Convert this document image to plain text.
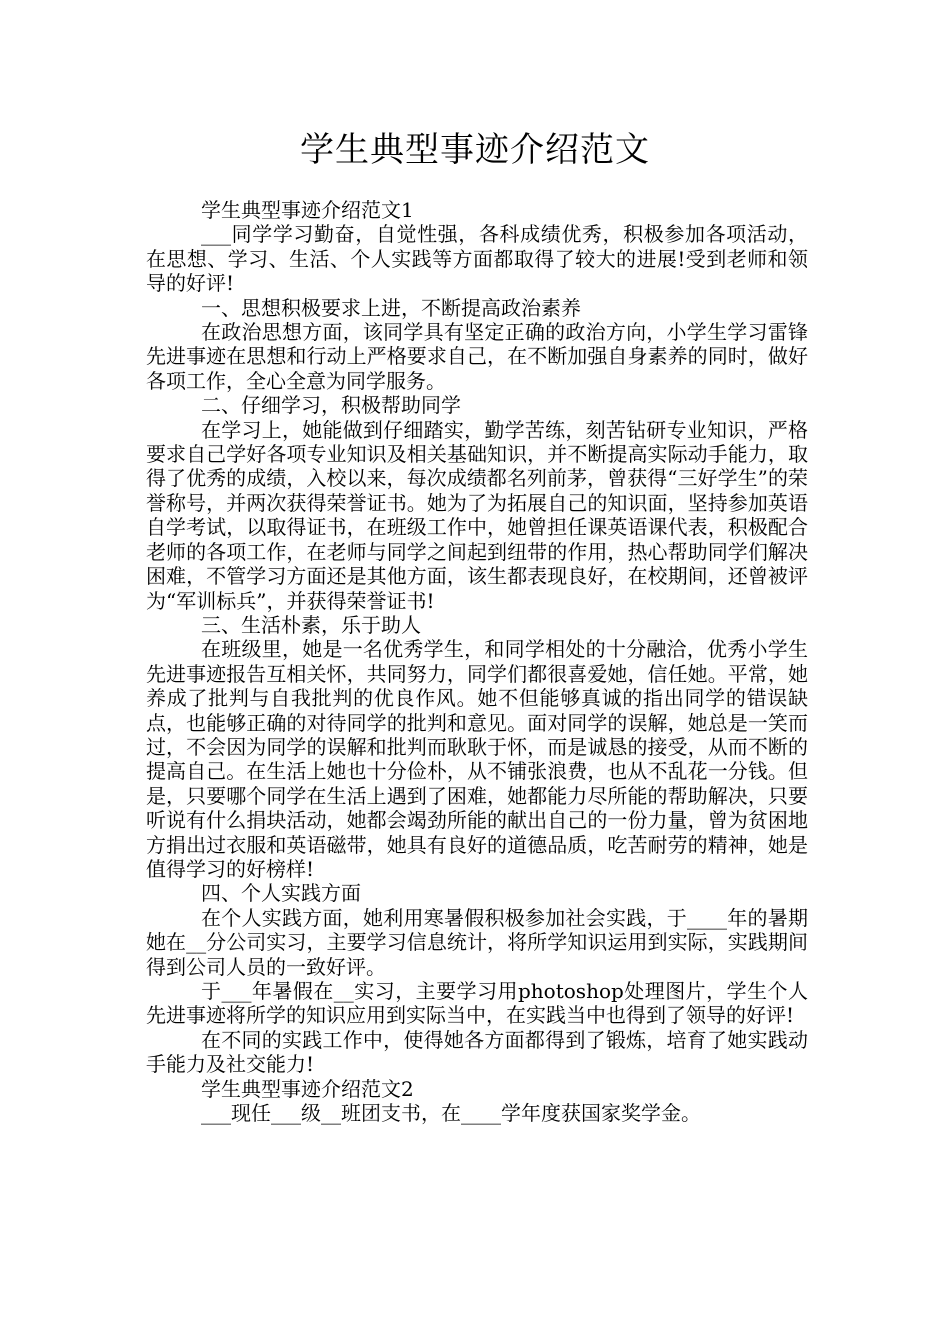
学生典型事迹介绍范文

学生典型事迹介绍范文1

___同学学习勤奋，自觉性强，各科成绩优秀，积极参加各项活动，在思想、学习、生活、个人实践等方面都取得了较大的进展!受到老师和领导的好评!

一、思想积极要求上进，不断提高政治素养

在政治思想方面，该同学具有坚定正确的政治方向，小学生学习雷锋先进事迹在思想和行动上严格要求自己，在不断加强自身素养的同时，做好各项工作，全心全意为同学服务。

二、仔细学习，积极帮助同学

在学习上，她能做到仔细踏实，勤学苦练，刻苦钻研专业知识，严格要求自己学好各项专业知识及相关基础知识，并不断提高实际动手能力，取得了优秀的成绩，入校以来，每次成绩都名列前茅，曾获得“三好学生”的荣誉称号，并两次获得荣誉证书。她为了为拓展自己的知识面，坚持参加英语自学考试，以取得证书，在班级工作中，她曾担任课英语课代表，积极配合老师的各项工作，在老师与同学之间起到纽带的作用，热心帮助同学们解决困难，不管学习方面还是其他方面，该生都表现良好，在校期间，还曾被评为“军训标兵”，并获得荣誉证书!

三、生活朴素，乐于助人

在班级里，她是一名优秀学生，和同学相处的十分融洽，优秀小学生先进事迹报告互相关怀，共同努力，同学们都很喜爱她，信任她。平常，她养成了批判与自我批判的优良作风。她不但能够真诚的指出同学的错误缺点，也能够正确的对待同学的批判和意见。面对同学的误解，她总是一笑而过，不会因为同学的误解和批判而耿耿于怀，而是诚恳的接受，从而不断的提高自己。在生活上她也十分俭朴，从不铺张浪费，也从不乱花一分钱。但是，只要哪个同学在生活上遇到了困难，她都能力尽所能的帮助解决，只要听说有什么捐块活动，她都会竭劲所能的献出自己的一份力量，曾为贫困地方捐出过衣服和英语磁带，她具有良好的道德品质，吃苦耐劳的精神，她是值得学习的好榜样!

四、个人实践方面

在个人实践方面，她利用寒暑假积极参加社会实践，于____年的暑期她在__分公司实习，主要学习信息统计，将所学知识运用到实际，实践期间得到公司人员的一致好评。

于___年暑假在__实习，主要学习用photoshop处理图片，学生个人先进事迹将所学的知识应用到实际当中，在实践当中也得到了领导的好评!

在不同的实践工作中，使得她各方面都得到了锻炼，培育了她实践动手能力及社交能力!

学生典型事迹介绍范文2

___现任___级__班团支书，在____学年度获国家奖学金。
